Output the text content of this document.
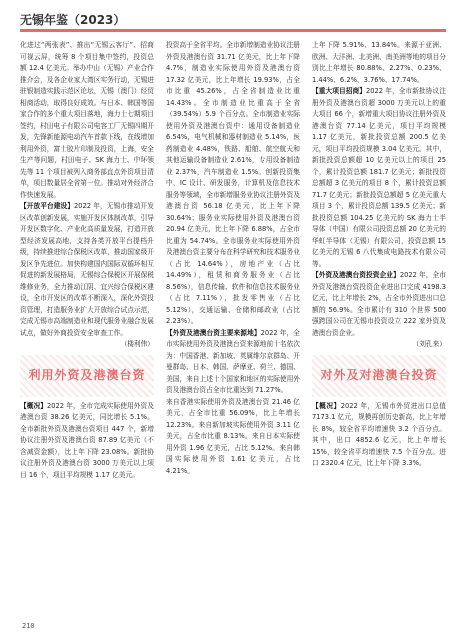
无锡年鉴（2023）

化进过“两张表”、推出“无锡云客厅”、招商可视云屏，统筹 8 个项目集中签约，投资总额 12.4 亿美元。举办中山（无锡）产业合作推介会，及各企业家大湾区实务行动，无锡进驻银制造实践示范区论坛，无锡（澳门）经贸相商活动，取得良好成效。与日本、韩国等国家合作的多个重大项目落地，海力士七期项目签约，村田电子有限公司电容工厂无锡四期开发，先锋新能源电动汽车首款下线，在线增加利用外资，富士胶片印制及投资，上海，安全生产等问题，村田电子、SK 海力士、中环领先等 11 个项目被列入商务部直点外资项目清单，项目数量居全省第一位。推动对外经济合作快速发展。

【开放平台建设】2022 年，无锡市推动开发区改革创新发展，实施开发区体制改革，引导开发区数字化、产业化高质量发展，打造开放型经济发展高地，支持各类开放平台提档升级，持续推进综合保税区改革，推动国家级开发区争先进位。加快构建国内国际双循环相互促进的新发展格局，无锡综合保税区开展保税维修业务，全力推动江阴、宜兴综合保税区建设，全市开发区的改革不断深入，深化外资投资管理，打造服务业扩大开放综合试点示范，完成无锡市高端制造业和现代服务业融合发展试点，做好外商投资安全审查工作。

（楼利伟）

利用外资及港澳台资

【概况】2022 年，全市完成实际使用外资及港澳台资 38.26 亿美元，同比增长 5.1%。全市新批外资及港澳台资项目 447 个，新增协议注册外资及港澳台资 87.89 亿美元（不含减资金额），比上年下降 23.08%。新批协议注册外资及港澳台资 3000 万美元以上项目 16 个，项目平均规模 1.17 亿美元。

投资高于全省平均。全市新增制造业协议注册外资及港澳台资 31.71 亿美元，比上年下降 4.7%，制造业实际使用外资及港澳台资 17.32 亿美元，比上年增长 19.93%，占全市比重 45.26%，占全省制造业比重 14.43%。全市制造业比重高于全省（39.54%）5.9 个百分点。全市制造业实际使用外资及港澳台资中：通用设备制造业 6.54%，电气机械和器材制造业 5.14%，医药制造业 4.48%，铁路、船舶、航空航天和其他运输设备制造业 2.61%，专用设备制造业 2.37%，汽车制造业 1.5%。创新投资集中，IC 设计、研发服务，计算机及信息技术服务等领域，全市新增服务业协议注册外资及港澳台资 56.18 亿美元，比上年下降 30.64%；服务业实际使用外资及港澳台资 20.94 亿美元，比上年下降 6.88%，占全市比重为 54.74%。全市服务业实际使用外资及港澳台资主要分布在科学研究和技术服务业（占比 14.64%），房地产业（占比 14.49%），租赁和商务服务业（占比 8.56%），信息传输、软件和信息技术服务业（占比 7.11%），批发零售业（占比 5.12%），交通运输、仓储和邮政业（占比 2.23%）。

【外资及港澳台资主要来源地】2022 年，全市实际使用外资及港澳台资来源地前十名依次为：中国香港、新加坡、英属维尔京群岛、开曼群岛、日本、韩国、萨摩亚、荷兰、德国、美国，来自上述十个国家和地区的实际使用外资及港澳台资占全市比重达到 71.27%。

来自香港实际使用外资及港澳台资 21.46 亿美元，占全市比重 56.09%，比上年增长 12.23%。来自新加坡实际使用外资 3.11 亿美元，占全市比重 8.13%。来自日本实际使用外资 1.96 亿美元，占比 5.12%。来自韩国实际使用外资 1.61 亿美元，占比 4.21%。

上年下降 5.91%、13.84%。来源于亚洲、欧洲、大洋洲、北美洲、南美洲等地的项目分别比上年增长 80.88%、2.27%、0.23%、1.44%、6.2%、3.76%、17.74%。

【重大项目招商】2022 年，全市新批协议注册外资及港澳台资超 3000 万美元以上的重大项目 66 个，新增重大项目协议注册外资及港澳台资 77.14 亿美元，项目平均规模 1.17 亿美元，新批投资总额 200.5 亿美元，项目平均投资规模 3.04 亿美元。其中，新批投资总额超 10 亿美元以上的项目 25 个，累计投资总额 181.7 亿美元；新批投资总额超 3 亿美元的项目 8 个，累计投资总额 71.7 亿美元；新批投资总额超 5 亿美元重大项目 3 个，累计投资总额 139.5 亿美元；新批投资总额 104.25 亿美元的 SK 海力士半导体（中国）有限公司投资总额 20 亿美元的华虹半导体（无锡）有限公司，投资总额 15 亿美元的无锡 6 八代集成电路技术有限公司等。

【外资及港澳台资投资企业】2022 年，全市外资及港澳台资投资企业进出口完成 4198.3 亿元，比上年增长 2%，占全市外资进出口总额的 56.9%。全市累计有 310 个世界 500 强跨国公司在无锡市投资设立 222 家外资及港澳台资企业。

（刘孔来）

对外及对港澳台投资

【概况】2022 年，无锡市外贸进出口总值 7173.1 亿元，规模再创历史新高，比上年增长 8%，较全省平均增速快 3.2 个百分点。其中，出口 4852.6 亿元，比上年增长 15%，较全省平均增速快 7.5 个百分点。进口 2320.4 亿元，比上年下降 3.3%。

210
